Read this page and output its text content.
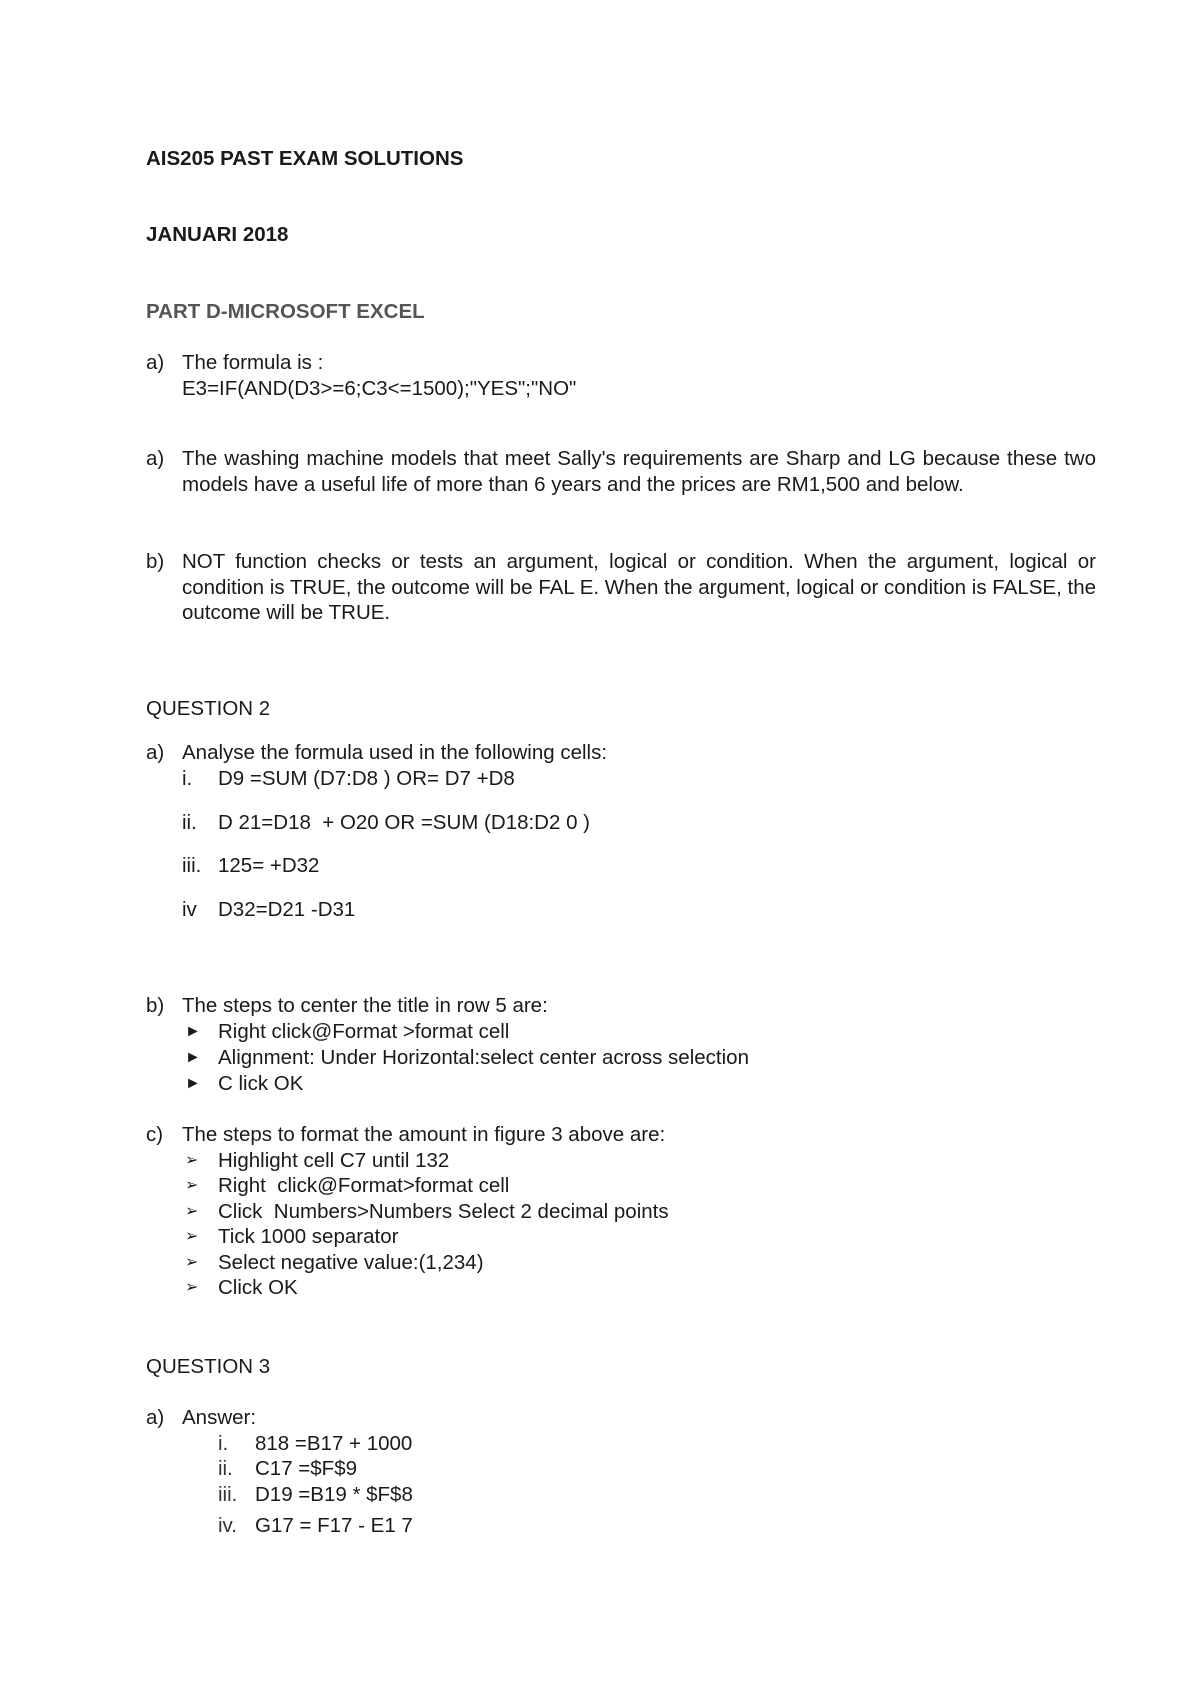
AIS205 PAST EXAM SOLUTIONS
JANUARI 2018
PART D-MICROSOFT EXCEL
a) The formula is :
E3=IF(AND(D3>=6;C3<=1500);"YES";"NO"
a) The washing machine models that meet Sally's requirements are Sharp and LG because these two models have a useful life of more than 6 years and the prices are RM1,500 and below.
b) NOT function checks or tests an argument, logical or condition. When the argument, logical or condition is TRUE, the outcome will be FAL E. When the argument, logical or condition is FALSE, the outcome will be TRUE.
QUESTION 2
a) Analyse the formula used in the following cells:
i. D9 =SUM (D7:D8 ) OR= D7 +D8
ii. D 21=D18  + O20 OR =SUM (D18:D2 0 )
iii. 125= +D32
iv D32=D21 -D31
b) The steps to center the title in row 5 are:
► Right click@Format >format cell
► Alignment: Under Horizontal:select center across selection
► C lick OK
c) The steps to format the amount in figure 3 above are:
➢ Highlight cell C7 until 132
➢ Right  click@Format>format cell
➢ Click  Numbers>Numbers Select 2 decimal points
➢ Tick 1000 separator
➢ Select negative value:(1,234)
➢ Click OK
QUESTION 3
a) Answer:
i. 818 =B17 + 1000
ii. C17 =$F$9
iii. D19 =B19 * $F$8
iv. G17 = F17 - E1 7
